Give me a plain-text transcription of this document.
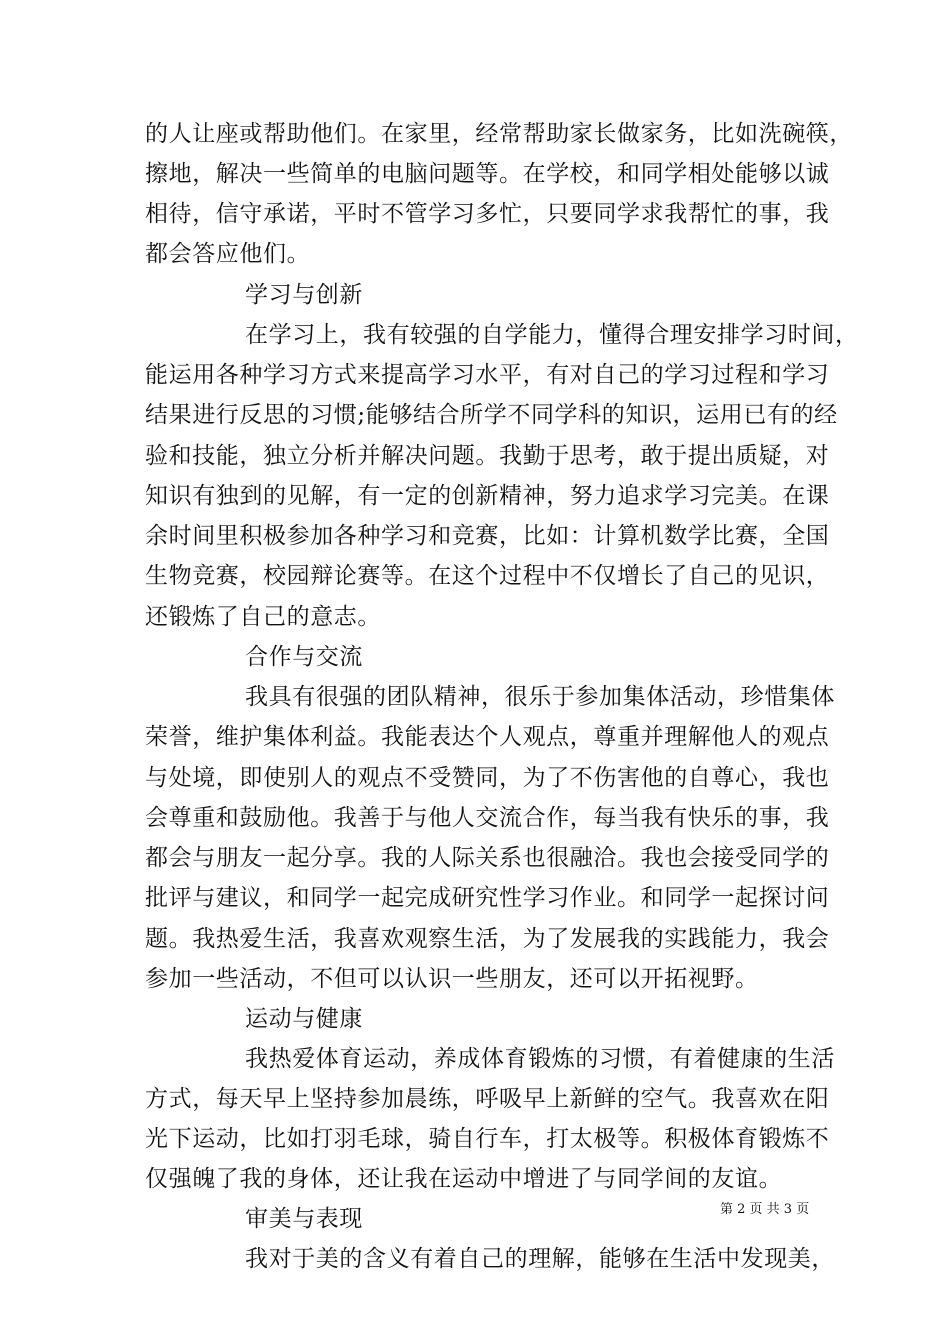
的人让座或帮助他们。在家里，经常帮助家长做家务，比如洗碗筷，
擦地，解决一些简单的电脑问题等。在学校，和同学相处能够以诚
相待，信守承诺，平时不管学习多忙，只要同学求我帮忙的事，我
都会答应他们。
学习与创新
在学习上，我有较强的自学能力，懂得合理安排学习时间，
能运用各种学习方式来提高学习水平，有对自己的学习过程和学习
结果进行反思的习惯;能够结合所学不同学科的知识，运用已有的经
验和技能，独立分析并解决问题。我勤于思考，敢于提出质疑，对
知识有独到的见解，有一定的创新精神，努力追求学习完美。在课
余时间里积极参加各种学习和竞赛，比如：计算机数学比赛，全国
生物竞赛，校园辩论赛等。在这个过程中不仅增长了自己的见识，
还锻炼了自己的意志。
合作与交流
我具有很强的团队精神，很乐于参加集体活动，珍惜集体
荣誉，维护集体利益。我能表达个人观点，尊重并理解他人的观点
与处境，即使别人的观点不受赞同，为了不伤害他的自尊心，我也
会尊重和鼓励他。我善于与他人交流合作，每当我有快乐的事，我
都会与朋友一起分享。我的人际关系也很融洽。我也会接受同学的
批评与建议，和同学一起完成研究性学习作业。和同学一起探讨问
题。我热爱生活，我喜欢观察生活，为了发展我的实践能力，我会
参加一些活动，不但可以认识一些朋友，还可以开拓视野。
运动与健康
我热爱体育运动，养成体育锻炼的习惯，有着健康的生活
方式，每天早上坚持参加晨练，呼吸早上新鲜的空气。我喜欢在阳
光下运动，比如打羽毛球，骑自行车，打太极等。积极体育锻炼不
仅强魄了我的身体，还让我在运动中增进了与同学间的友谊。
审美与表现
我对于美的含义有着自己的理解，能够在生活中发现美，
第 2 页 共 3 页
